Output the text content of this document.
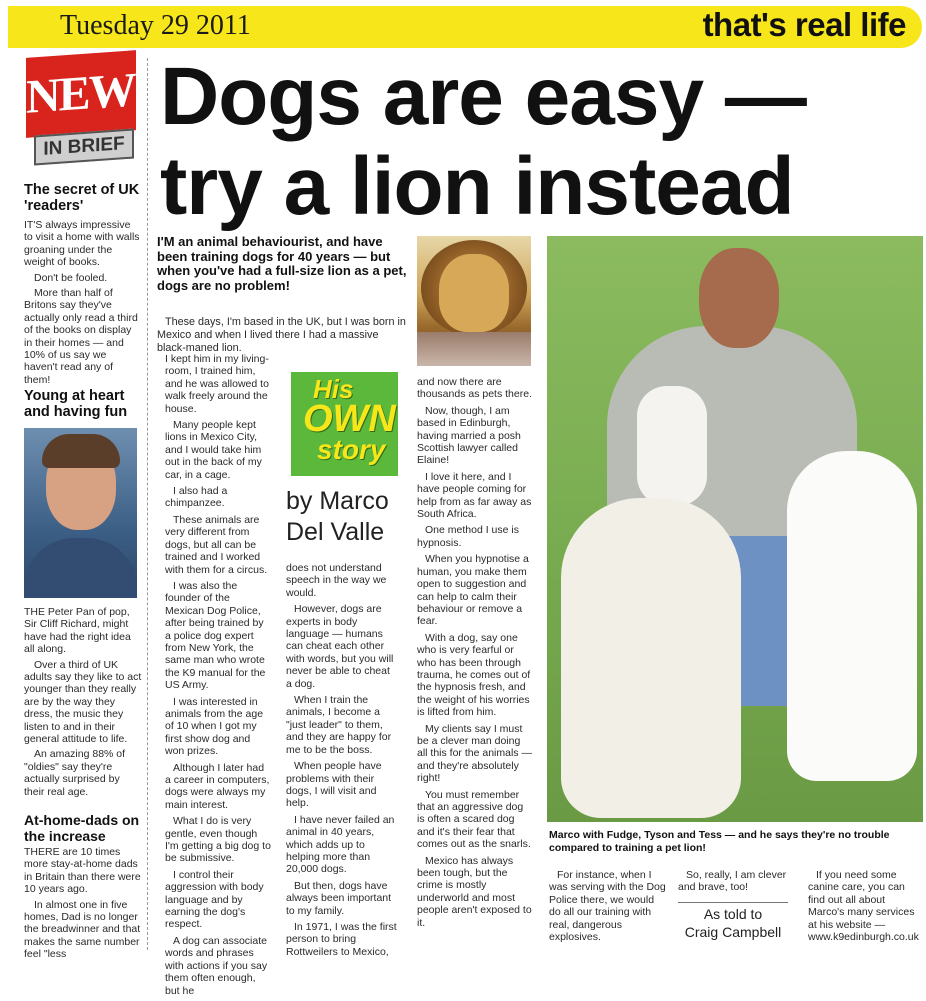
Tuesday 29 2011	that's real life
NEWS
IN BRIEF
The secret of UK 'readers'

IT'S always impressive to visit a home with walls groaning under the weight of books.

Don't be fooled.

More than half of Britons say they've actually only read a third of the books on display in their homes — and 10% of us say we haven't read any of them!

Young at heart and having fun

THE Peter Pan of pop, Sir Cliff Richard, might have had the right idea all along.

Over a third of UK adults say they like to act younger than they really are by the way they dress, the music they listen to and in their general attitude to life.

An amazing 88% of "oldies" say they're actually surprised by their real age.

At-home-dads on the increase

THERE are 10 times more stay-at-home dads in Britain than there were 10 years ago.

In almost one in five homes, Dad is no longer the breadwinner and that makes the same number feel "less

Dogs are easy —
try a lion instead
I'M an animal behaviourist, and have been training dogs for 40 years — but when you've had a full-size lion as a pet, dogs are no problem!
These days, I'm based in the UK, but I was born in Mexico and when I lived there I had a massive black-maned lion.

I kept him in my living-room, I trained him, and he was allowed to walk freely around the house.

Many people kept lions in Mexico City, and I would take him out in the back of my car, in a cage.

I also had a chimpanzee.

These animals are very different from dogs, but all can be trained and I worked with them for a circus.

I was also the founder of the Mexican Dog Police, after being trained by a police dog expert from New York, the same man who wrote the K9 manual for the US Army.

I was interested in animals from the age of 10 when I got my first show dog and won prizes.

Although I later had a career in computers, dogs were always my main interest.

What I do is very gentle, even though I'm getting a big dog to be submissive.

I control their aggression with body language and by earning the dog's respect.

A dog can associate words and phrases with actions if you say them often enough, but he

His
OWN
story
by Marco Del Valle

does not understand speech in the way we would.

However, dogs are experts in body language — humans can cheat each other with words, but you will never be able to cheat a dog.

When I train the animals, I become a "just leader" to them, and they are happy for me to be the boss.

When people have problems with their dogs, I will visit and help.

I have never failed an animal in 40 years, which adds up to helping more than 20,000 dogs.

But then, dogs have always been important to my family.

In 1971, I was the first person to bring Rottweilers to Mexico,

and now there are thousands as pets there.

Now, though, I am based in Edinburgh, having married a posh Scottish lawyer called Elaine!

I love it here, and I have people coming for help from as far away as South Africa.

One method I use is hypnosis.

When you hypnotise a human, you make them open to suggestion and can help to calm their behaviour or remove a fear.

With a dog, say one who is very fearful or who has been through trauma, he comes out of the hypnosis fresh, and the weight of his worries is lifted from him.

My clients say I must be a clever man doing all this for the animals — and they're absolutely right!

You must remember that an aggressive dog is often a scared dog and it's their fear that comes out as the snarls.

Mexico has always been tough, but the crime is mostly underworld and most people aren't exposed to it.

Marco with Fudge, Tyson and Tess — and he says they're no trouble compared to training a pet lion!

For instance, when I was serving with the Dog Police there, we would do all our training with real, dangerous explosives.

So, really, I am clever and brave, too!

As told to
Craig Campbell

If you need some canine care, you can find out all about Marco's many services at his website — www.k9edinburgh.co.uk
